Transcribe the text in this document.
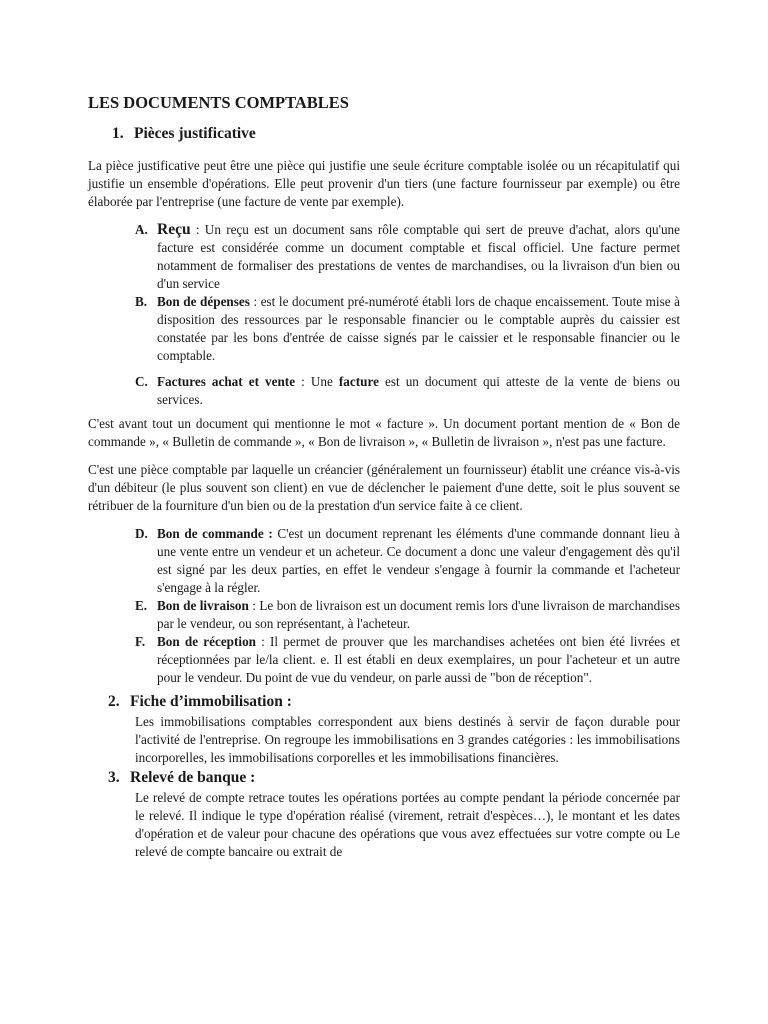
LES DOCUMENTS COMPTABLES
1. Pièces justificative

La pièce justificative peut être une pièce qui justifie une seule écriture comptable isolée ou un récapitulatif qui justifie un ensemble d'opérations. Elle peut provenir d'un tiers (une facture fournisseur par exemple) ou être élaborée par l'entreprise (une facture de vente par exemple).

A. Reçu : Un reçu est un document sans rôle comptable qui sert de preuve d'achat, alors qu'une facture est considérée comme un document comptable et fiscal officiel. Une facture permet notamment de formaliser des prestations de ventes de marchandises, ou la livraison d'un bien ou d'un service
B. Bon de dépenses : est le document pré-numéroté établi lors de chaque encaissement. Toute mise à disposition des ressources par le responsable financier ou le comptable auprès du caissier est constatée par les bons d'entrée de caisse signés par le caissier et le responsable financier ou le comptable.
C. Factures achat et vente : Une facture est un document qui atteste de la vente de biens ou services.

C'est avant tout un document qui mentionne le mot « facture ». Un document portant mention de « Bon de commande », « Bulletin de commande », « Bon de livraison », « Bulletin de livraison », n'est pas une facture.

C'est une pièce comptable par laquelle un créancier (généralement un fournisseur) établit une créance vis-à-vis d'un débiteur (le plus souvent son client) en vue de déclencher le paiement d'une dette, soit le plus souvent se rétribuer de la fourniture d'un bien ou de la prestation d'un service faite à ce client.

D. Bon de commande : C'est un document reprenant les éléments d'une commande donnant lieu à une vente entre un vendeur et un acheteur. Ce document a donc une valeur d'engagement dès qu'il est signé par les deux parties, en effet le vendeur s'engage à fournir la commande et l'acheteur s'engage à la régler.
E. Bon de livraison : Le bon de livraison est un document remis lors d'une livraison de marchandises par le vendeur, ou son représentant, à l'acheteur.
F. Bon de réception : Il permet de prouver que les marchandises achetées ont bien été livrées et réceptionnées par le/la client. e. Il est établi en deux exemplaires, un pour l'acheteur et un autre pour le vendeur. Du point de vue du vendeur, on parle aussi de "bon de réception".
2. Fiche d’immobilisation :
Les immobilisations comptables correspondent aux biens destinés à servir de façon durable pour l'activité de l'entreprise. On regroupe les immobilisations en 3 grandes catégories : les immobilisations incorporelles, les immobilisations corporelles et les immobilisations financières.
3. Relevé de banque :
Le relevé de compte retrace toutes les opérations portées au compte pendant la période concernée par le relevé. Il indique le type d'opération réalisé (virement, retrait d'espèces…), le montant et les dates d'opération et de valeur pour chacune des opérations que vous avez effectuées sur votre compte ou Le relevé de compte bancaire ou extrait de
